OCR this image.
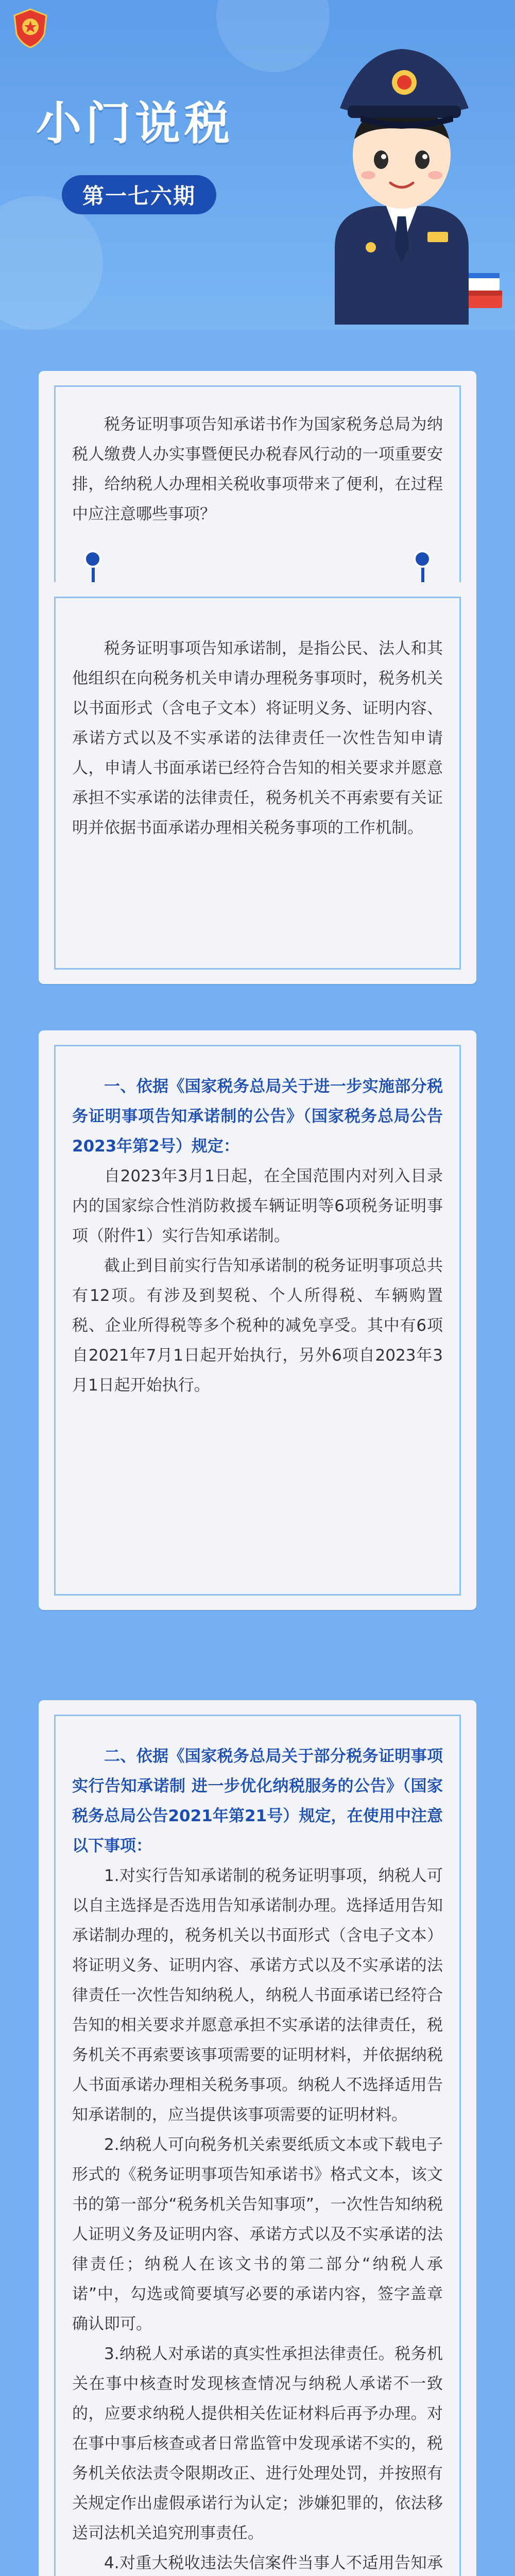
小门说税
第一七六期

税务证明事项告知承诺书作为国家税务总局为纳税人缴费人办实事暨便民办税春风行动的一项重要安排，给纳税人办理相关税收事项带来了便利，在过程中应注意哪些事项？

税务证明事项告知承诺制，是指公民、法人和其他组织在向税务机关申请办理税务事项时，税务机关以书面形式（含电子文本）将证明义务、证明内容、承诺方式以及不实承诺的法律责任一次性告知申请人，申请人书面承诺已经符合告知的相关要求并愿意承担不实承诺的法律责任，税务机关不再索要有关证明并依据书面承诺办理相关税务事项的工作机制。

一、依据《国家税务总局关于进一步实施部分税务证明事项告知承诺制的公告》（国家税务总局公告2023年第2号）规定：

自2023年3月1日起，在全国范围内对列入目录内的国家综合性消防救援车辆证明等6项税务证明事项（附件1）实行告知承诺制。

截止到目前实行告知承诺制的税务证明事项总共有12项。有涉及到契税、个人所得税、车辆购置税、企业所得税等多个税种的减免享受。其中有6项自2021年7月1日起开始执行，另外6项自2023年3月1日起开始执行。

二、依据《国家税务总局关于部分税务证明事项实行告知承诺制 进一步优化纳税服务的公告》（国家税务总局公告2021年第21号）规定，在使用中注意以下事项：

1.对实行告知承诺制的税务证明事项，纳税人可以自主选择是否选用告知承诺制办理。选择适用告知承诺制办理的，税务机关以书面形式（含电子文本）将证明义务、证明内容、承诺方式以及不实承诺的法律责任一次性告知纳税人，纳税人书面承诺已经符合告知的相关要求并愿意承担不实承诺的法律责任，税务机关不再索要该事项需要的证明材料，并依据纳税人书面承诺办理相关税务事项。纳税人不选择适用告知承诺制的，应当提供该事项需要的证明材料。

2.纳税人可向税务机关索要纸质文本或下载电子形式的《税务证明事项告知承诺书》格式文本，该文书的第一部分“税务机关告知事项”，一次性告知纳税人证明义务及证明内容、承诺方式以及不实承诺的法律责任；纳税人在该文书的第二部分“纳税人承诺”中，勾选或简要填写必要的承诺内容，签字盖章确认即可。

3.纳税人对承诺的真实性承担法律责任。税务机关在事中核查时发现核查情况与纳税人承诺不一致的，应要求纳税人提供相关佐证材料后再予办理。对在事中事后核查或者日常监管中发现承诺不实的，税务机关依法责令限期改正、进行处理处罚，并按照有关规定作出虚假承诺行为认定；涉嫌犯罪的，依法移送司法机关追究刑事责任。

4.对重大税收违法失信案件当事人不适用告知承
